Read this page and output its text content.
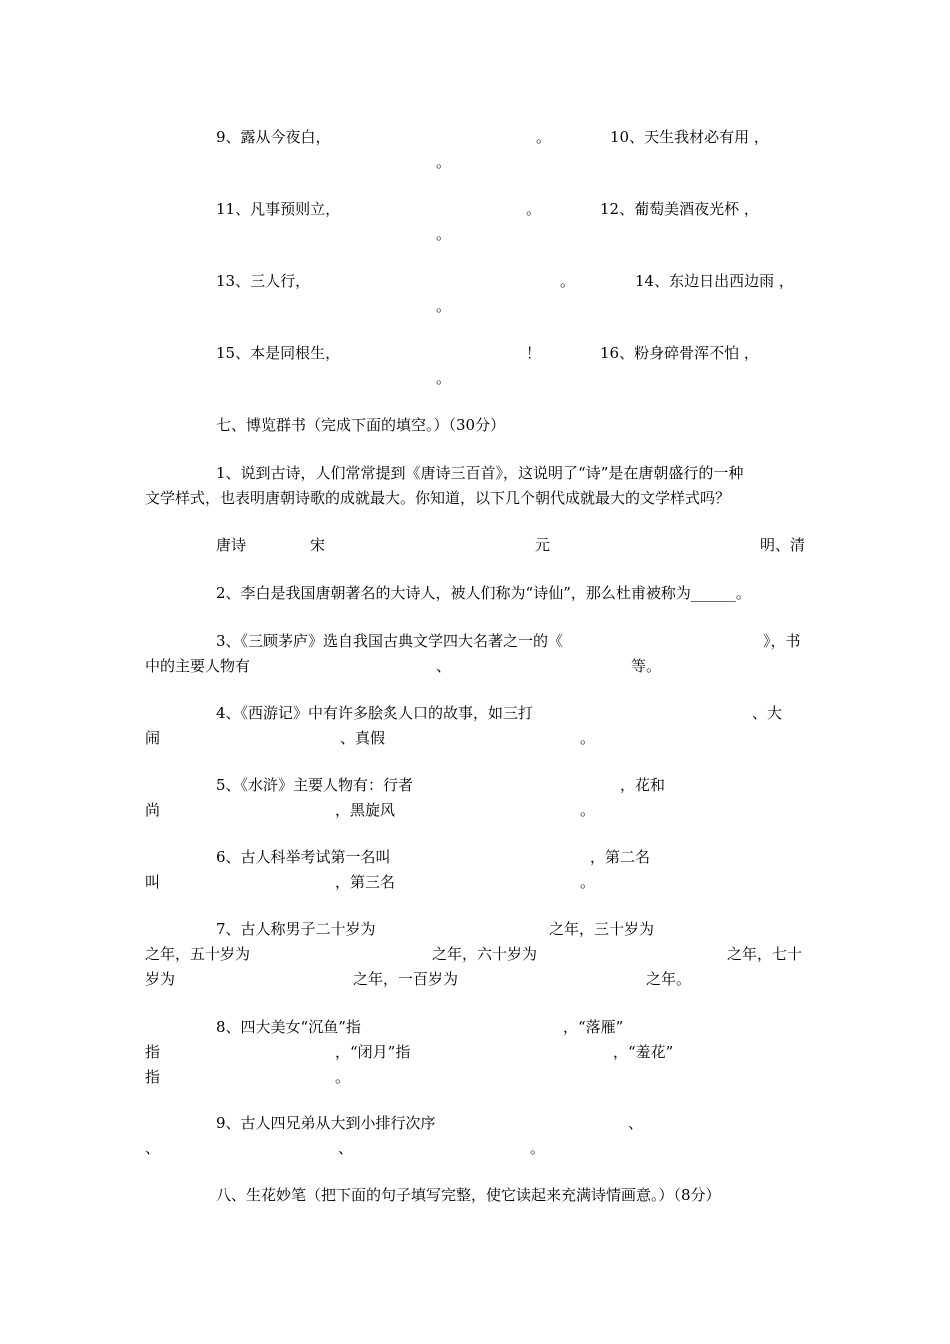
9、露从今夜白，	。	10、天生我材必有用 ，
。
11、凡事预则立，	。	12、葡萄美酒夜光杯 ，
。
13、三人行，	。	14、东边日出西边雨 ，
。
15、本是同根生，	！	16、粉身碎骨浑不怕 ，
。
七、博览群书（完成下面的填空。）（30分）
1、说到古诗，人们常常提到《唐诗三百首》，这说明了“诗”是在唐朝盛行的一种
文学样式，也表明唐朝诗歌的成就最大。你知道，以下几个朝代成就最大的文学样式吗？
唐诗	宋	元	明、清
2、李白是我国唐朝著名的大诗人，被人们称为“诗仙”，那么杜甫被称为______。
3、《三顾茅庐》选自我国古典文学四大名著之一的《	》，书
中的主要人物有	、	等。
4、《西游记》中有许多脍炙人口的故事，如三打	、大
闹	、真假	。
5、《水浒》主要人物有：行者	，花和
尚	，黑旋风	。
6、古人科举考试第一名叫	，第二名
叫	，第三名	。
7、古人称男子二十岁为	之年，三十岁为
之年，五十岁为	之年，六十岁为	之年，七十
岁为	之年，一百岁为	之年。
8、四大美女“沉鱼”指	，“落雁”
指	，“闭月”指	，“羞花”
指	。
9、古人四兄弟从大到小排行次序	、
、	、	。
八、生花妙笔（把下面的句子填写完整，使它读起来充满诗情画意。）（8分）
